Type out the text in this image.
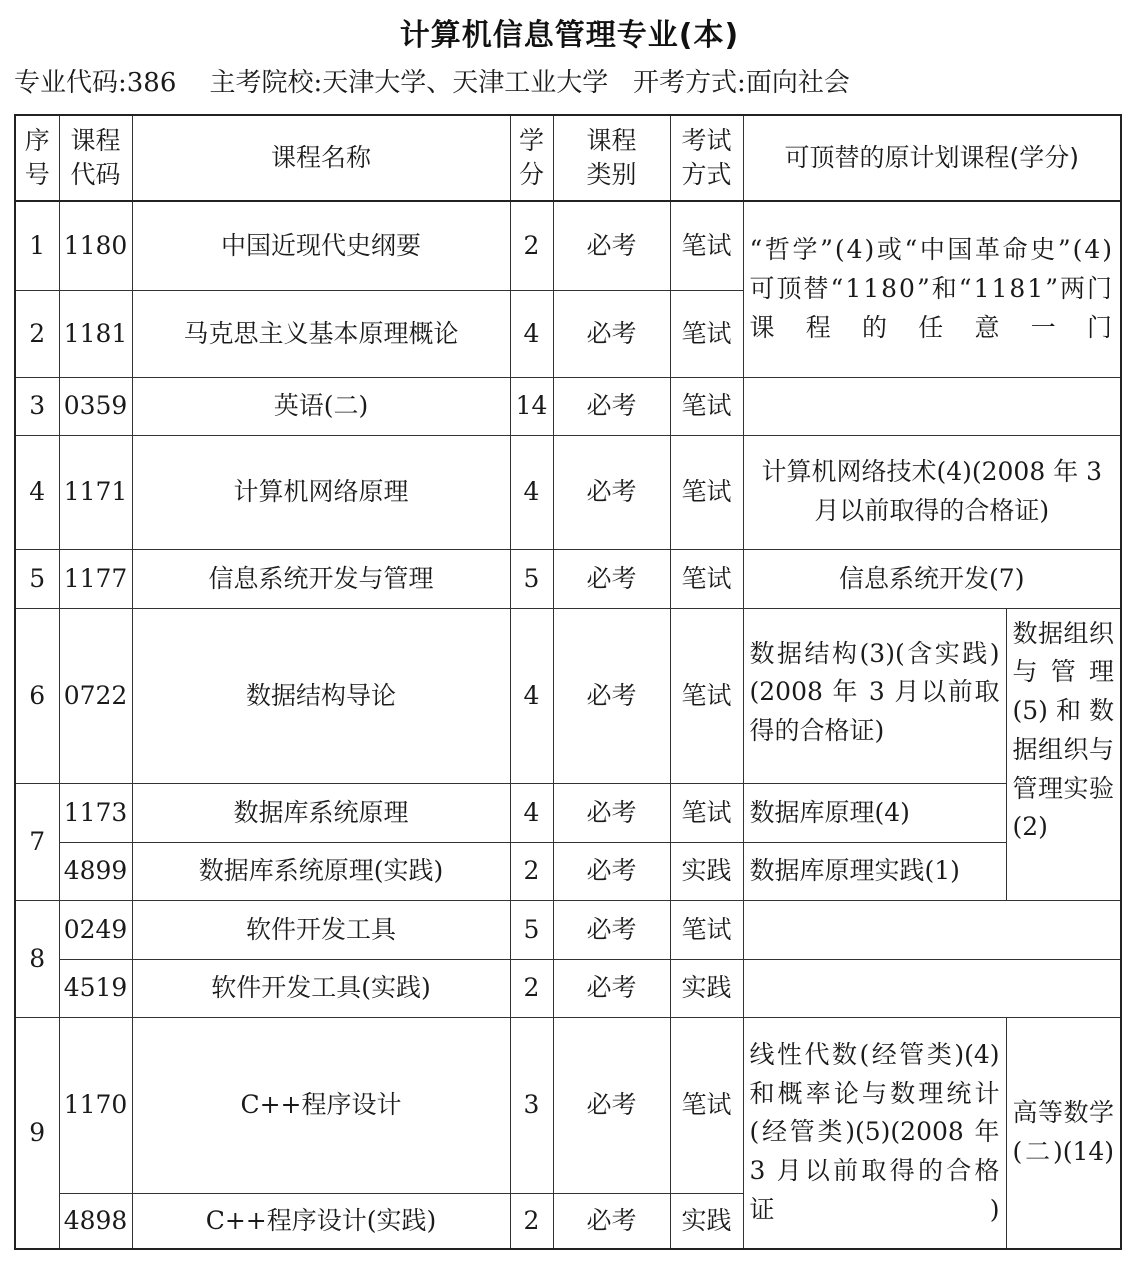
计算机信息管理专业(本)
专业代码:386 主考院校:天津大学、天津工业大学 开考方式:面向社会
序号	课程代码	课程名称	学分	课程类别	考试方式	可顶替的原计划课程(学分)	
1	1180	中国近现代史纲要	2	必考	笔试	“哲学”(4)或“中国革命史”(4)可顶替“1180”和“1181”两门课程的任意一门	

2	1181	马克思主义基本原理概论	4	必考	笔试		
3	0359	英语(二)	14	必考	笔试		
4	1171	计算机网络原理	4	必考	笔试	计算机网络技术(4)(2008 年 3 月以前取得的合格证)	

5	1177	信息系统开发与管理	5	必考	笔试	信息系统开发(7)	
6	0722	数据结构导论	4	必考	笔试	数据结构(3)(含实践)(2008 年 3 月以前取得的合格证)	数据组织与管理(5)和数据组织与管理实验(2)

7	1173	数据库系统原理	4	必考	笔试	数据库原理(4)	
	4899	数据库系统原理(实践)	2	必考	实践	数据库原理实践(1)	
8	0249	软件开发工具	5	必考	笔试		
	4519	软件开发工具(实践)	2	必考	实践		
9	1170	C++程序设计	3	必考	笔试	线性代数(经管类)(4)和概率论与数理统计(经管类)(5)(2008 年 3 月以前取得的合格证)	高等数学(二)(14)

	4898	C++程序设计(实践)	2	必考	实践		
